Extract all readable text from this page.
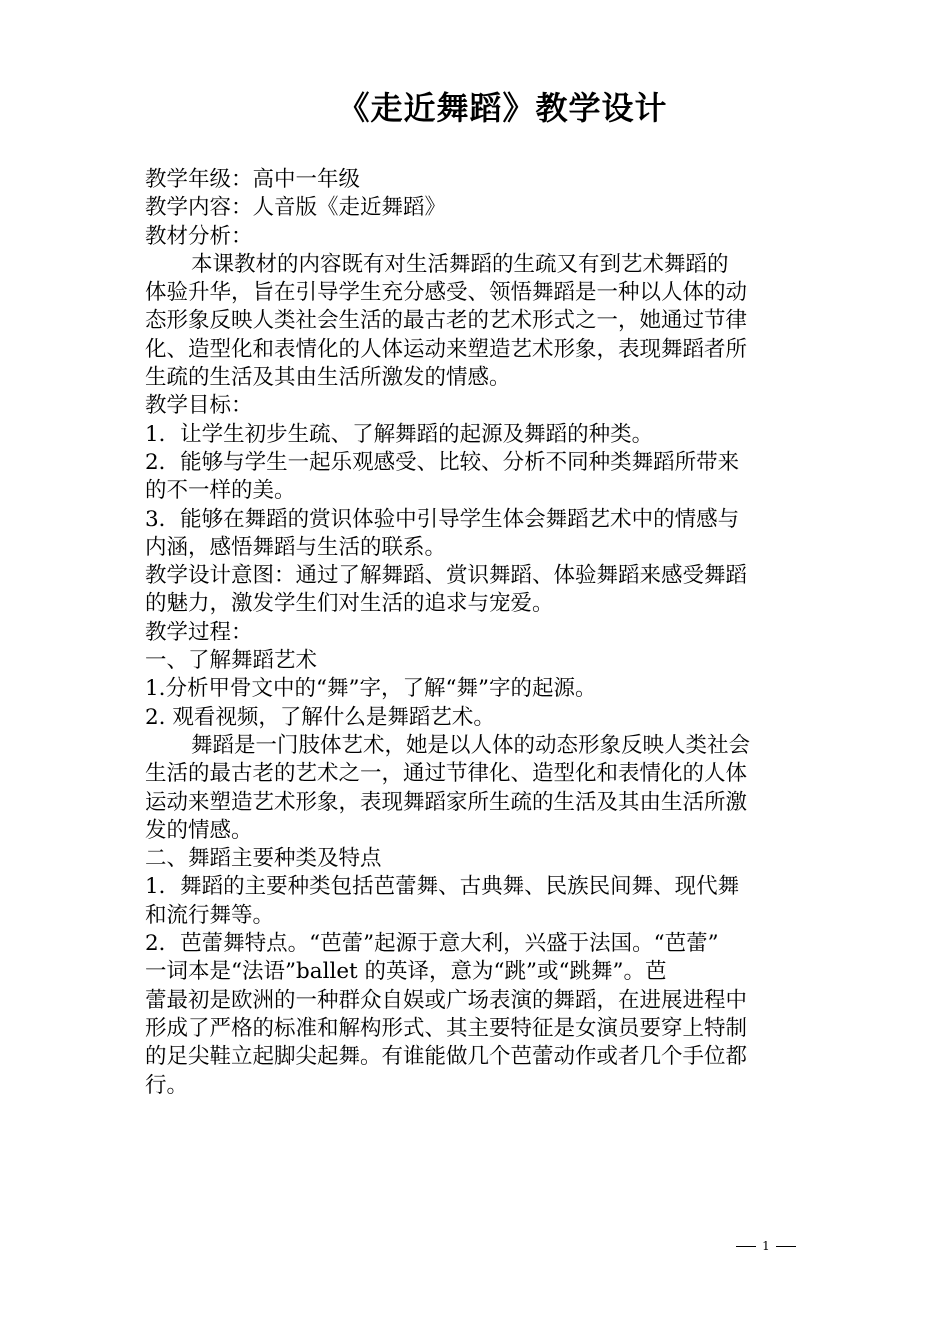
《走近舞蹈》教学设计
教学年级：高中一年级
教学内容：人音版《走近舞蹈》
教材分析：
本课教材的内容既有对生活舞蹈的生疏又有到艺术舞蹈的
体验升华，旨在引导学生充分感受、领悟舞蹈是一种以人体的动
态形象反映人类社会生活的最古老的艺术形式之一，她通过节律
化、造型化和表情化的人体运动来塑造艺术形象，表现舞蹈者所
生疏的生活及其由生活所激发的情感。
教学目标：
1．让学生初步生疏、了解舞蹈的起源及舞蹈的种类。
2．能够与学生一起乐观感受、比较、分析不同种类舞蹈所带来
的不一样的美。
3．能够在舞蹈的赏识体验中引导学生体会舞蹈艺术中的情感与
内涵，感悟舞蹈与生活的联系。
教学设计意图：通过了解舞蹈、赏识舞蹈、体验舞蹈来感受舞蹈
的魅力，激发学生们对生活的追求与宠爱。
教学过程：
一、了解舞蹈艺术
1.分析甲骨文中的“舞”字，了解“舞”字的起源。
2. 观看视频，了解什么是舞蹈艺术。
舞蹈是一门肢体艺术，她是以人体的动态形象反映人类社会
生活的最古老的艺术之一，通过节律化、造型化和表情化的人体
运动来塑造艺术形象，表现舞蹈家所生疏的生活及其由生活所激
发的情感。
二、舞蹈主要种类及特点
1．舞蹈的主要种类包括芭蕾舞、古典舞、民族民间舞、现代舞
和流行舞等。
2．芭蕾舞特点。“芭蕾”起源于意大利，兴盛于法国。“芭蕾”
一词本是“法语”ballet 的英译，意为“跳”或“跳舞”。芭
蕾最初是欧洲的一种群众自娱或广场表演的舞蹈，在进展进程中
形成了严格的标准和解构形式、其主要特征是女演员要穿上特制
的足尖鞋立起脚尖起舞。有谁能做几个芭蕾动作或者几个手位都
行。
1
